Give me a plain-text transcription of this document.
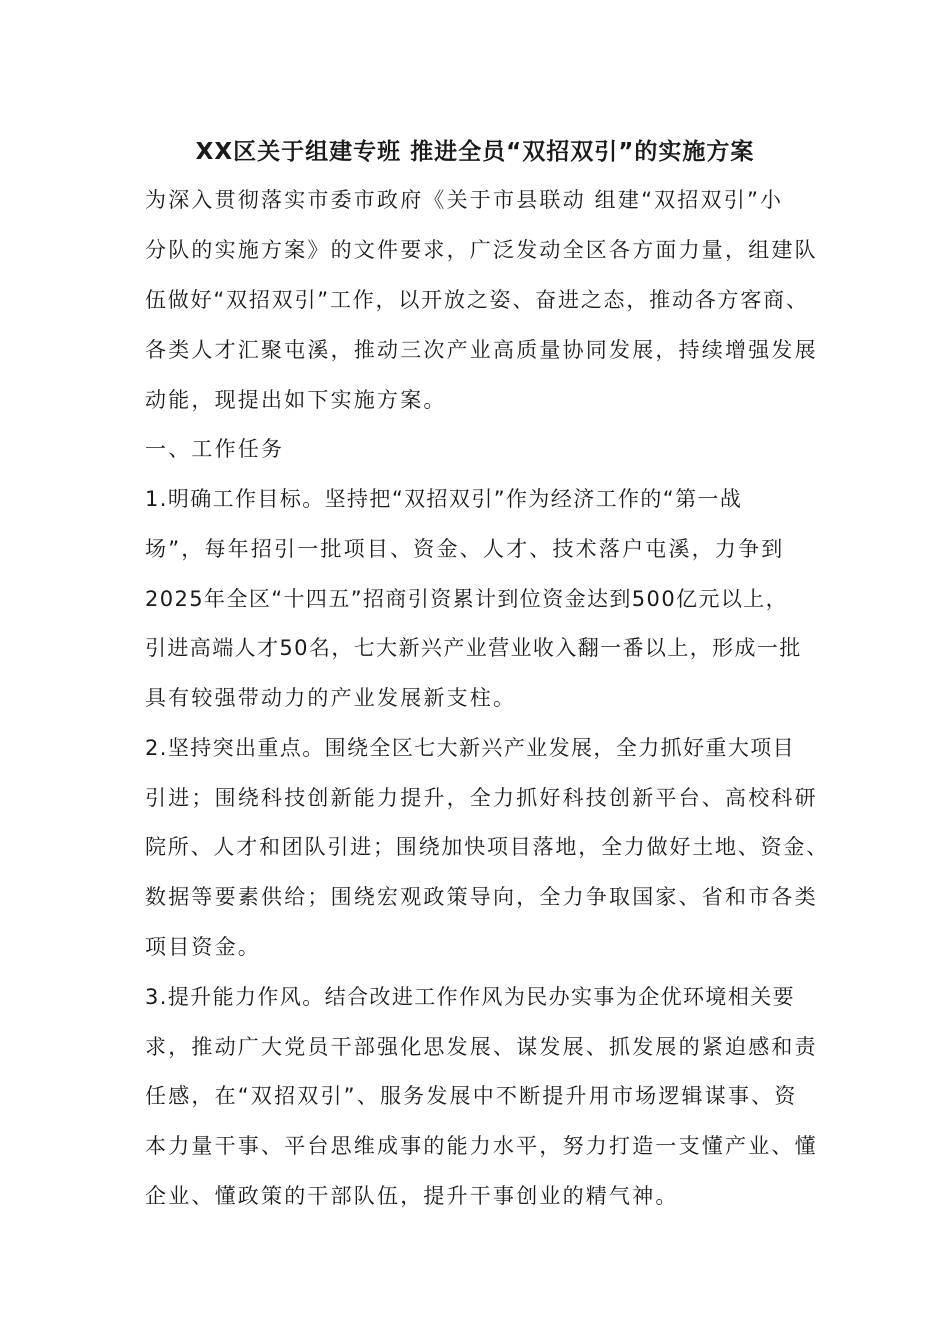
XX区关于组建专班 推进全员“双招双引”的实施方案
为深入贯彻落实市委市政府《关于市县联动 组建“双招双引”小
分队的实施方案》的文件要求，广泛发动全区各方面力量，组建队
伍做好“双招双引”工作，以开放之姿、奋进之态，推动各方客商、
各类人才汇聚屯溪，推动三次产业高质量协同发展，持续增强发展
动能，现提出如下实施方案。
一、工作任务
1.明确工作目标。坚持把“双招双引”作为经济工作的“第一战
场”，每年招引一批项目、资金、人才、技术落户屯溪，力争到
2025年全区“十四五”招商引资累计到位资金达到500亿元以上，
引进高端人才50名，七大新兴产业营业收入翻一番以上，形成一批
具有较强带动力的产业发展新支柱。
2.坚持突出重点。围绕全区七大新兴产业发展，全力抓好重大项目
引进；围绕科技创新能力提升，全力抓好科技创新平台、高校科研
院所、人才和团队引进；围绕加快项目落地，全力做好土地、资金、
数据等要素供给；围绕宏观政策导向，全力争取国家、省和市各类
项目资金。
3.提升能力作风。结合改进工作作风为民办实事为企优环境相关要
求，推动广大党员干部强化思发展、谋发展、抓发展的紧迫感和责
任感，在“双招双引”、服务发展中不断提升用市场逻辑谋事、资
本力量干事、平台思维成事的能力水平，努力打造一支懂产业、懂
企业、懂政策的干部队伍，提升干事创业的精气神。
